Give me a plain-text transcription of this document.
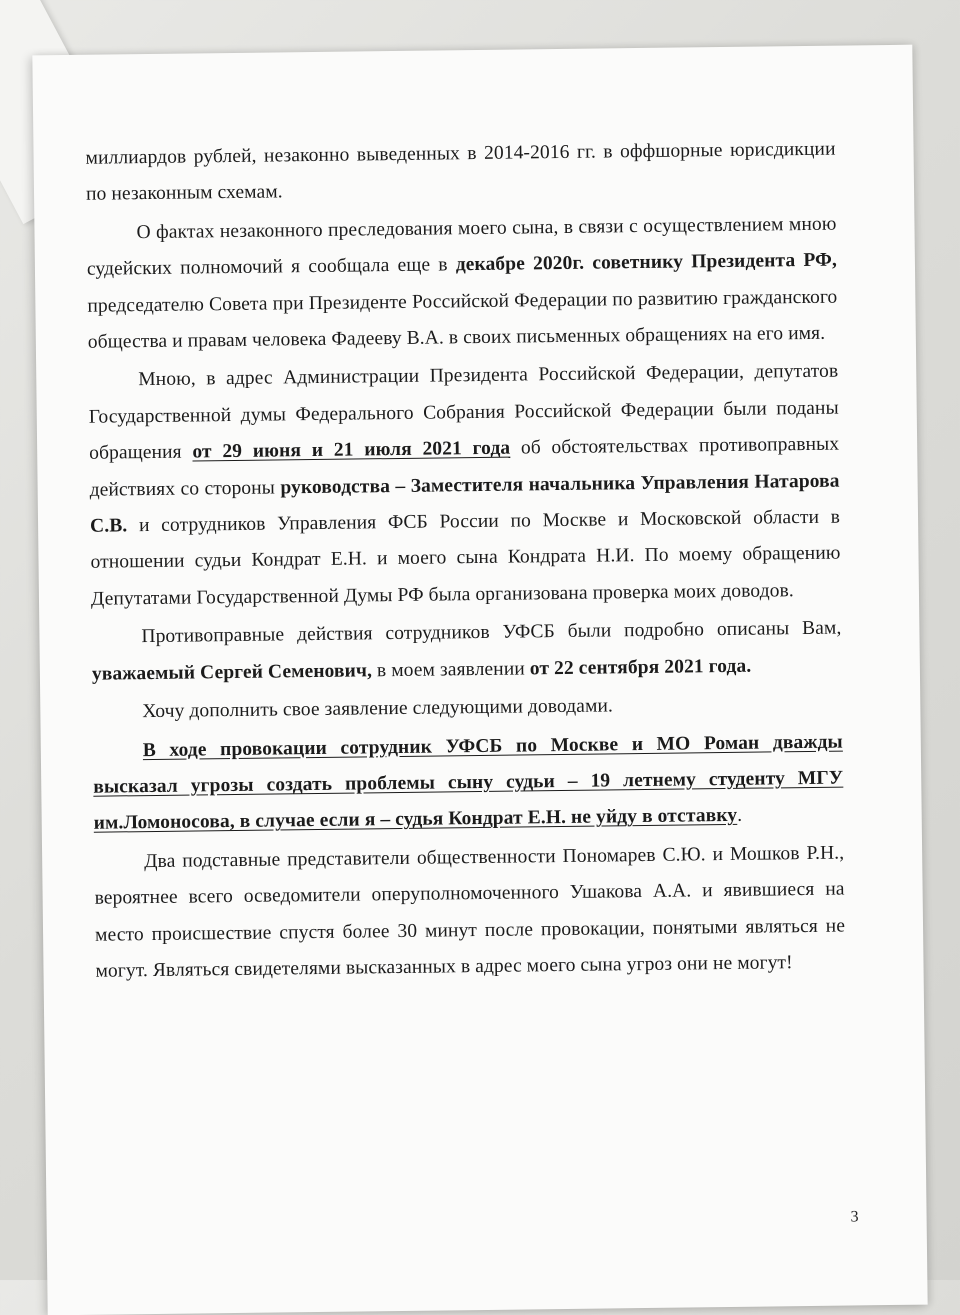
миллиардов рублей, незаконно выведенных в 2014-2016 гг. в оффшорные юрисдикции по незаконным схемам.

О фактах незаконного преследования моего сына, в связи с осуществлением мною судейских полномочий я сообщала еще в декабре 2020г. советнику Президента РФ, председателю Совета при Президенте Российской Федерации по развитию гражданского общества и правам человека Фадееву В.А. в своих письменных обращениях на его имя.

Мною, в адрес Администрации Президента Российской Федерации, депутатов Государственной думы Федерального Собрания Российской Федерации были поданы обращения от 29 июня и 21 июля 2021 года об обстоятельствах противоправных действиях со стороны руководства – Заместителя начальника Управления Натарова С.В. и сотрудников Управления ФСБ России по Москве и Московской области в отношении судьи Кондрат Е.Н. и моего сына Кондрата Н.И. По моему обращению Депутатами Государственной Думы РФ была организована проверка моих доводов.

Противоправные действия сотрудников УФСБ были подробно описаны Вам, уважаемый Сергей Семенович, в моем заявлении от 22 сентября 2021 года.

Хочу дополнить свое заявление следующими доводами.

В ходе провокации сотрудник УФСБ по Москве и МО Роман дважды высказал угрозы создать проблемы сыну судьи – 19 летнему студенту МГУ им.Ломоносова, в случае если я – судья Кондрат Е.Н. не уйду в отставку.

Два подставные представители общественности Пономарев С.Ю. и Мошков Р.Н., вероятнее всего осведомители оперуполномоченного Ушакова А.А. и явившиеся на место происшествие спустя более 30 минут после провокации, понятыми являться не могут. Являться свидетелями высказанных в адрес моего сына угроз они не могут!

3
